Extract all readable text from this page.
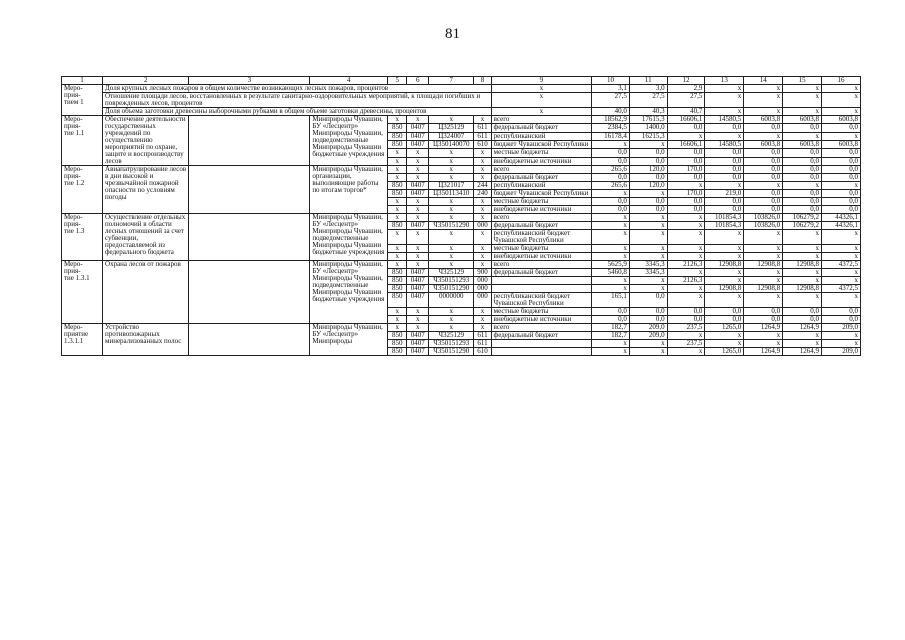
81
1	2	3	4	5	6	7	8	9	10	11	12	13	14	15	16
Меро-
прия-
тием 1	Доля крупных лесных пожаров в общем количестве возникающих лесных пожаров, процентов							x	3,1	3,0	2,9	x	x	x	x
	Отношение площади лесов, восстановленных в результате санитарно-оздоровительных мероприятий, к площади погибших и поврежденных лесов, процентов							x	27,5	27,5	27,5	x	x	x	x
	Доля объема заготовки древесины выборочными рубками в общем объеме заготовки древесины, процентов							x	40,0	40,3	40,7	x	x	x	x
Меро-
прия-
тие 1.1	Обеспечение деятельности государственных учреждений по осуществлению мероприятий по охране, защите и воспроизводству лесов		Минприроды Чувашии, БУ «Лесцентр» Минприроды Чувашии, подведомственные Минприроды Чувашии бюджетные учреждения	x	x	x	x	всего	18562,9	17615,3	16606,1	14580,5	6003,8	6003,8	6003,8
				850	0407	Ц325129	611	федеральный бюджет	2384,5	1400,0	0,0	0,0	0,0	0,0	0,0
				850	0407	Ц324007	611	республиканский	16178,4	16215,3	x	x	x	x	x
				850	0407	Ц350140070	610	бюджет Чувашской Республики	x	x	16606,1	14580,5	6003,8	6003,8	6003,8
				x	x	x	x	местные бюджеты	0,0	0,0	0,0	0,0	0,0	0,0	0,0
				x	x	x	x	внебюджетные источники	0,0	0,0	0,0	0,0	0,0	0,0	0,0
Меро-
прия-
тие 1.2	Авиапатрулирование лесов в дни высокой и чрезвычайной пожарной опасности по условиям погоды		Минприроды Чувашии, организации, выполняющие работы по итогам торгов*	x	x	x	x	всего	265,6	120,0	170,0	0,0	0,0	0,0	0,0
				x	x	x	x	федеральный бюджет	0,0	0,0	0,0	0,0	0,0	0,0	0,0
				850	0407	Ц321017	244	республиканский	265,6	120,0	x	x	x	x	x
				850	0407	Ц350113410	240	бюджет Чувашской Республики	x	x	170,0	219,0	0,0	0,0	0,0
				x	x	x	x	местные бюджеты	0,0	0,0	0,0	0,0	0,0	0,0	0,0
				x	x	x	x	внебюджетные источники	0,0	0,0	0,0	0,0	0,0	0,0	0,0
Меро-
прия-
тие 1.3	Осуществление отдельных полномочий в области лесных отношений за счет субвенции, предоставляемой из федерального бюджета		Минприроды Чувашии, БУ «Лесцентр» Минприроды Чувашии, подведомственные Минприроды Чувашии бюджетные учреждения	x	x	x	x	всего	x	x	x	101854,3	103826,0	106279,2	44326,1
				850	0407	Ч350151290	000	федеральный бюджет	x	x	x	101854,3	103826,0	106279,2	44326,1
				x	x	x	x	республиканский бюджет Чувашской Республики	x	x	x	x	x	x	x
				x	x	x	x	местные бюджеты	x	x	x	x	x	x	x
				x	x	x	x	внебюджетные источники	x	x	x	x	x	x	x
Меро-
прия-
тие 1.3.1	Охрана лесов от пожаров		Минприроды Чувашии, БУ «Лесцентр» Минприроды Чувашии, подведомственные Минприроды Чувашии бюджетные учреждения	x	x	x	x	всего	5625,9	3345,3	2126,3	12908,8	12908,8	12908,8	4372,5
				850	0407	Ч325129	900	федеральный бюджет	5460,8	3345,3	x	x	x	x	x
				850	0407	Ч350151293	000		x	x	2126,3	x	x	x	x
				850	0407	Ч350151290	000		x	x	x	12908,8	12908,8	12908,8	4372,5
				850	0407	0000000	000	республиканский бюджет Чувашской Республики	165,1	0,0	x	x	x	x	x
				x	x	x	x	местные бюджеты	0,0	0,0	0,0	0,0	0,0	0,0	0,0
				x	x	x	x	внебюджетные источники	0,0	0,0	0,0	0,0	0,0	0,0	0,0
Меро-
приятие
1.3.1.1	Устройство противопожарных минерализованных полос		Минприроды Чувашии, БУ «Лесцентр» Минприроды	x	x	x	x	всего	182,7	209,0	237,5	1265,0	1264,9	1264,9	209,0
				850	0407	Ч325129	611	федеральный бюджет	182,7	209,0	x	x	x	x	x
				850	0407	Ч350151293	611		x	x	237,5	x	x	x	x
				850	0407	Ч350151290	610		x	x	x	1265,0	1264,9	1264,9	209,0
